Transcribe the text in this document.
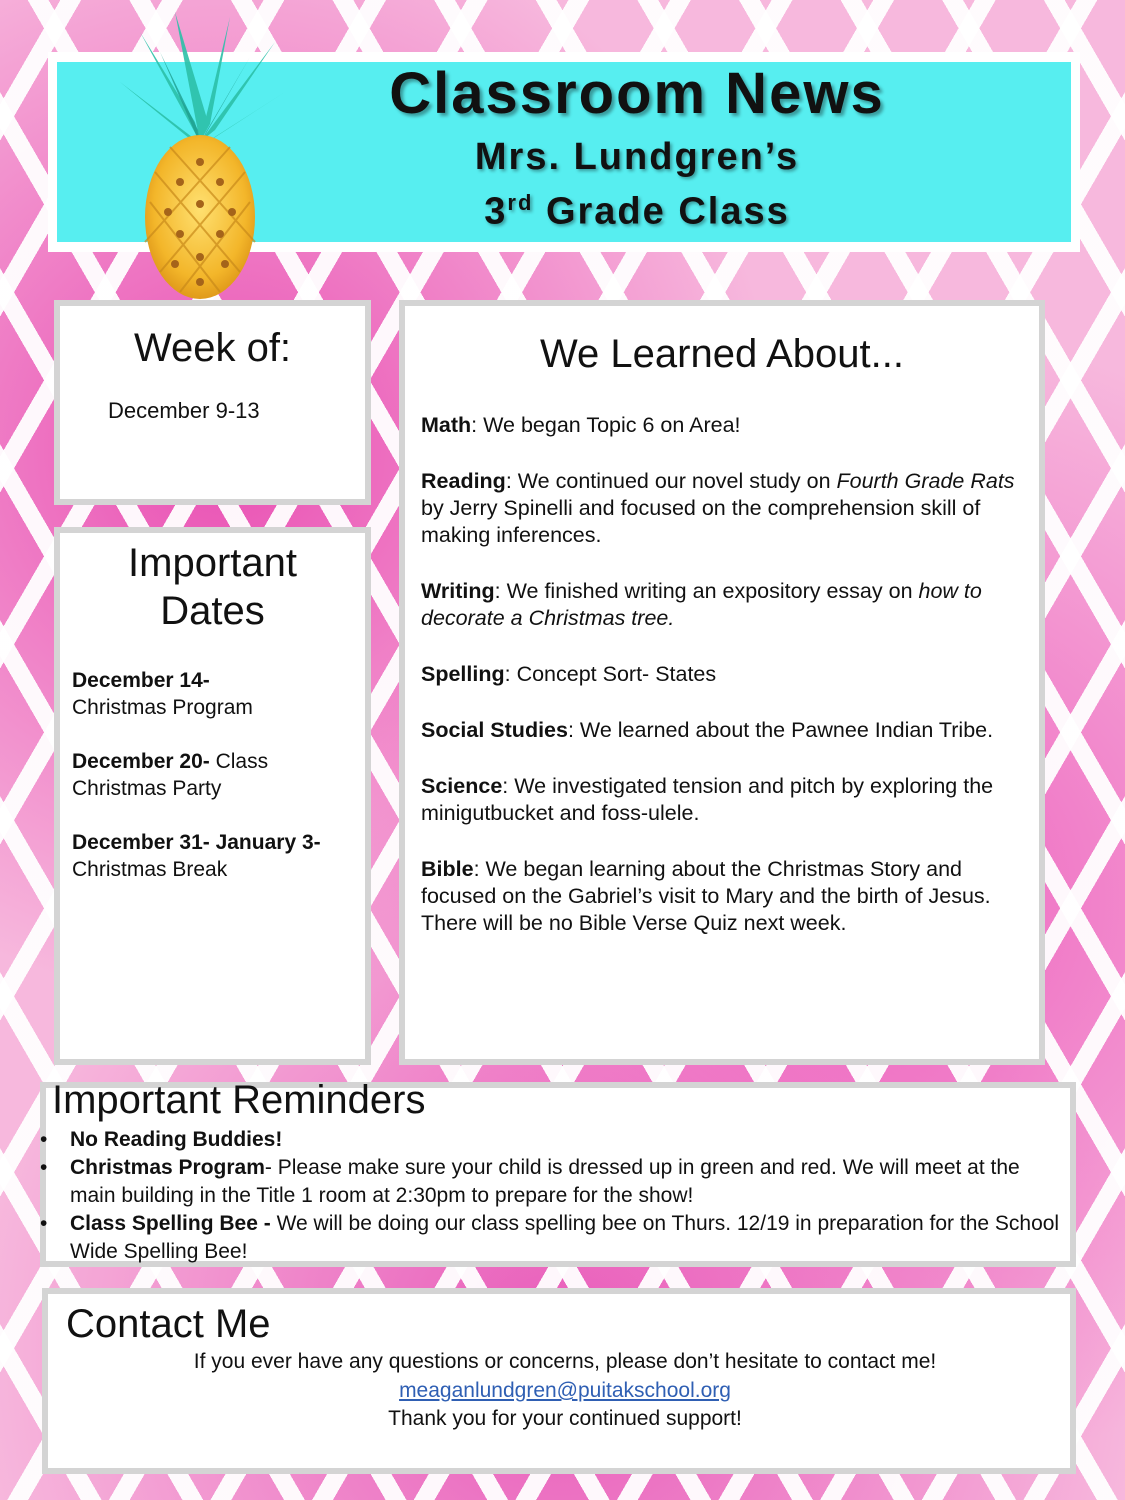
Classroom News
Mrs. Lundgren’s
3rd Grade Class
Week of:
December 9-13
Important
Dates

December 14-
Christmas Program

December 20- Class Christmas Party

December 31- January 3- Christmas Break

We Learned About...

Math: We began Topic 6 on Area!

Reading: We continued our novel study on Fourth Grade Rats by Jerry Spinelli and focused on the comprehension skill of making inferences.

Writing: We finished writing an expository essay on how to decorate a Christmas tree.

Spelling: Concept Sort- States

Social Studies: We learned about the Pawnee Indian Tribe.

Science: We investigated tension and pitch by exploring the minigutbucket and foss-ulele.

Bible: We began learning about the Christmas Story and focused on the Gabriel’s visit to Mary and the birth of Jesus. There will be no Bible Verse Quiz next week.

Important Reminders
• No Reading Buddies!
• Christmas Program- Please make sure your child is dressed up in green and red. We will meet at the main building in the Title 1 room at 2:30pm to prepare for the show!
• Class Spelling Bee - We will be doing our class spelling bee on Thurs. 12/19 in preparation for the School Wide Spelling Bee!
Contact Me
If you ever have any questions or concerns, please don’t hesitate to contact me!
meaganlundgren@puitakschool.org
Thank you for your continued support!
